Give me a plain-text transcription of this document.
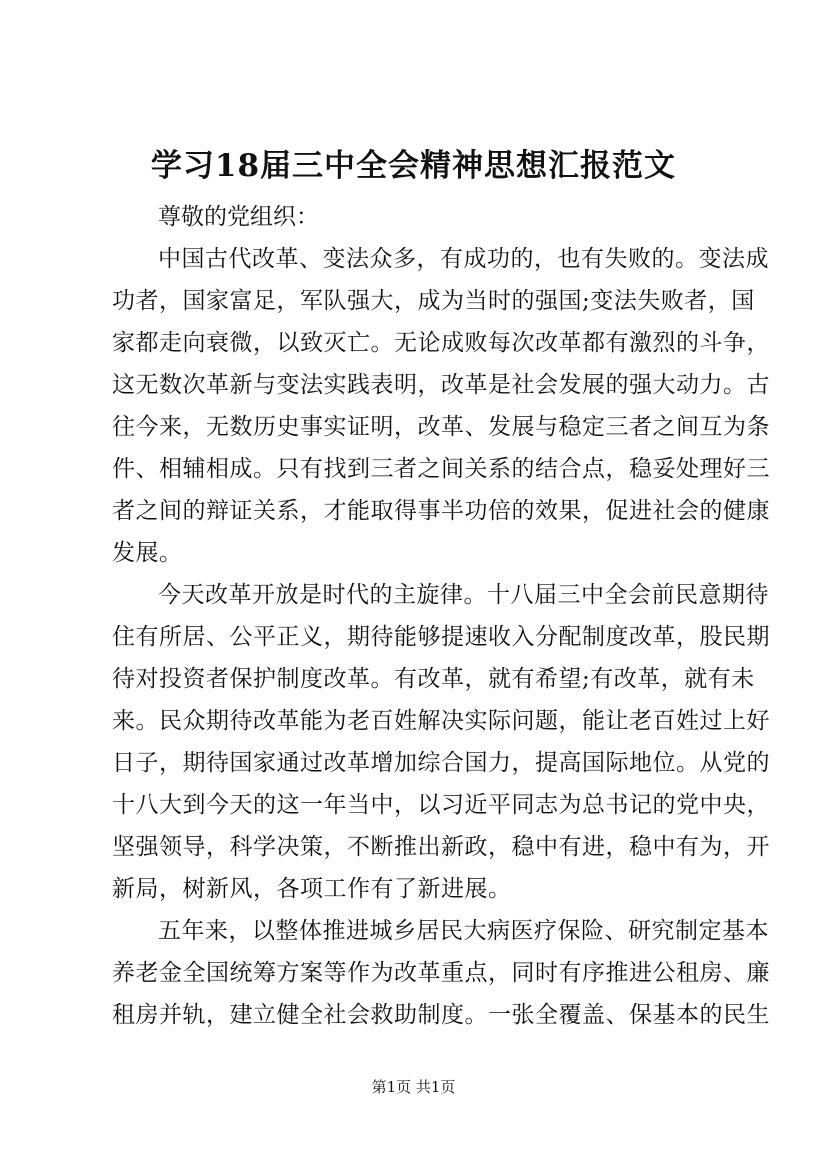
学习18届三中全会精神思想汇报范文
尊敬的党组织：
中国古代改革、变法众多，有成功的，也有失败的。变法成
功者，国家富足，军队强大，成为当时的强国;变法失败者，国
家都走向衰微，以致灭亡。无论成败每次改革都有激烈的斗争，
这无数次革新与变法实践表明，改革是社会发展的强大动力。古
往今来，无数历史事实证明，改革、发展与稳定三者之间互为条
件、相辅相成。只有找到三者之间关系的结合点，稳妥处理好三
者之间的辩证关系，才能取得事半功倍的效果，促进社会的健康
发展。
今天改革开放是时代的主旋律。十八届三中全会前民意期待
住有所居、公平正义，期待能够提速收入分配制度改革，股民期
待对投资者保护制度改革。有改革，就有希望;有改革，就有未
来。民众期待改革能为老百姓解决实际问题，能让老百姓过上好
日子，期待国家通过改革增加综合国力，提高国际地位。从党的
十八大到今天的这一年当中，以习近平同志为总书记的党中央，
坚强领导，科学决策，不断推出新政，稳中有进，稳中有为，开
新局，树新风，各项工作有了新进展。
五年来，以整体推进城乡居民大病医疗保险、研究制定基本
养老金全国统筹方案等作为改革重点，同时有序推进公租房、廉
租房并轨，建立健全社会救助制度。一张全覆盖、保基本的民生
第1页 共1页
